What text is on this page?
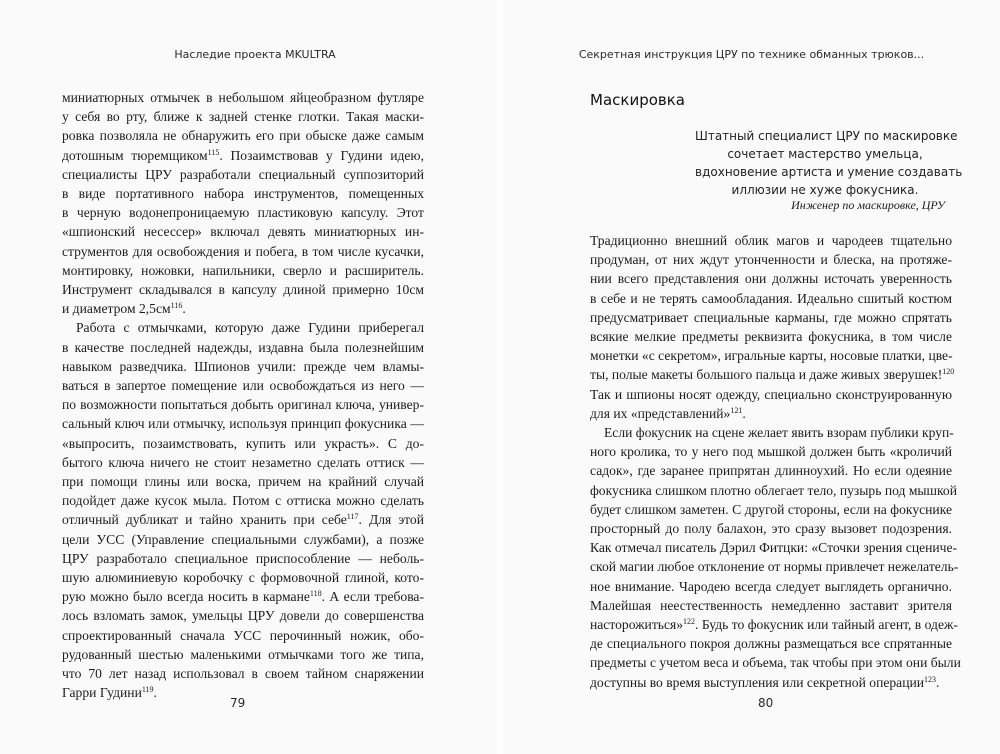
Наследие проекта MKULTRA
миниатюрных отмычек в небольшом яйцеобразном футляре
у себя во рту, ближе к задней стенке глотки. Такая маски-
ровка позволяла не обнаружить его при обыске даже самым
дотошным тюремщиком$^{115}$. Позаимствовав у Гудини идею,
специалисты ЦРУ разработали специальный суппозиторий
в виде портативного набора инструментов, помещенных
в черную водонепроницаемую пластиковую капсулу. Этот
«шпионский несессер» включал девять миниатюрных ин-
струментов для освобождения и побега, в том числе кусачки,
монтировку, ножовки, напильники, сверло и расширитель.
Инструмент складывался в капсулу длиной примерно 10см
и диаметром $2,5см^{116}$.
Работа с отмычками, которую даже Гудини приберегал
в качестве последней надежды, издавна была полезнейшим
навыком разведчика. Шпионов учили: прежде чем вламы-
ваться в запертое помещение или освобождаться из него —
по возможности попытаться добыть оригинал ключа, универ-
сальный ключ или отмычку, используя принцип фокусника —
«выпросить, позаимствовать, купить или украсть». С до-
бытого ключа ничего не стоит незаметно сделать оттиск —
при помощи глины или воска, причем на крайний случай
подойдет даже кусок мыла. Потом с оттиска можно сделать
отличный дубликат и тайно хранить при себе$^{117}$. Для этой
цели УСС (Управление специальными службами), а позже
ЦРУ разработало специальное приспособление — неболь-
шую алюминиевую коробочку с формовочной глиной, кото-
рую можно было всегда носить в кармане$^{118}$. А если требова-
лось взломать замок, умельцы ЦРУ довели до совершенства
спроектированный сначала УСС перочинный ножик, обо-
рудованный шестью маленькими отмычками того же типа,
что 70 лет назад использовал в своем тайном снаряжении
Гарри Гудини$^{119}$.
79
Секретная инструкция ЦРУ по технике обманных трюков...
Маскировка
Штатный специалист ЦРУ по маскировке
сочетает мастерство умельца,
вдохновение артиста и умение создавать
иллюзии не хуже фокусника.
Инженер по маскировке, ЦРУ
Традиционно внешний облик магов и чародеев тщательно
продуман, от них ждут утонченности и блеска, на протяже-
нии всего представления они должны источать уверенность
в себе и не терять самообладания. Идеально сшитый костюм
предусматривает специальные карманы, где можно спрятать
всякие мелкие предметы реквизита фокусника, в том числе
монетки «с секретом», игральные карты, носовые платки, цве-
ты, полые макеты большого пальца и даже живых зверушек!$^{120}$
Так и шпионы носят одежду, специально сконструированную
для их «представлений»$^{121}$.
Если фокусник на сцене желает явить взорам публики круп-
ного кролика, то у него под мышкой должен быть «кроличий
садок», где заранее припрятан длинноухий. Но если одеяние
фокусника слишком плотно облегает тело, пузырь под мышкой
будет слишком заметен. С другой стороны, если на фокуснике
просторный до полу балахон, это сразу вызовет подозрения.
Как отмечал писатель Дэрил Фитцки: «Сточки зрения сцениче-
ской магии любое отклонение от нормы привлечет нежелатель-
ное внимание. Чародею всегда следует выглядеть органично.
Малейшая неестественность немедленно заставит зрителя
насторожиться»$^{122}$. Будь то фокусник или тайный агент, в одеж-
де специального покроя должны размещаться все спрятанные
предметы с учетом веса и объема, так чтобы при этом они были
доступны во время выступления или секретной операции$^{123}$.
80
